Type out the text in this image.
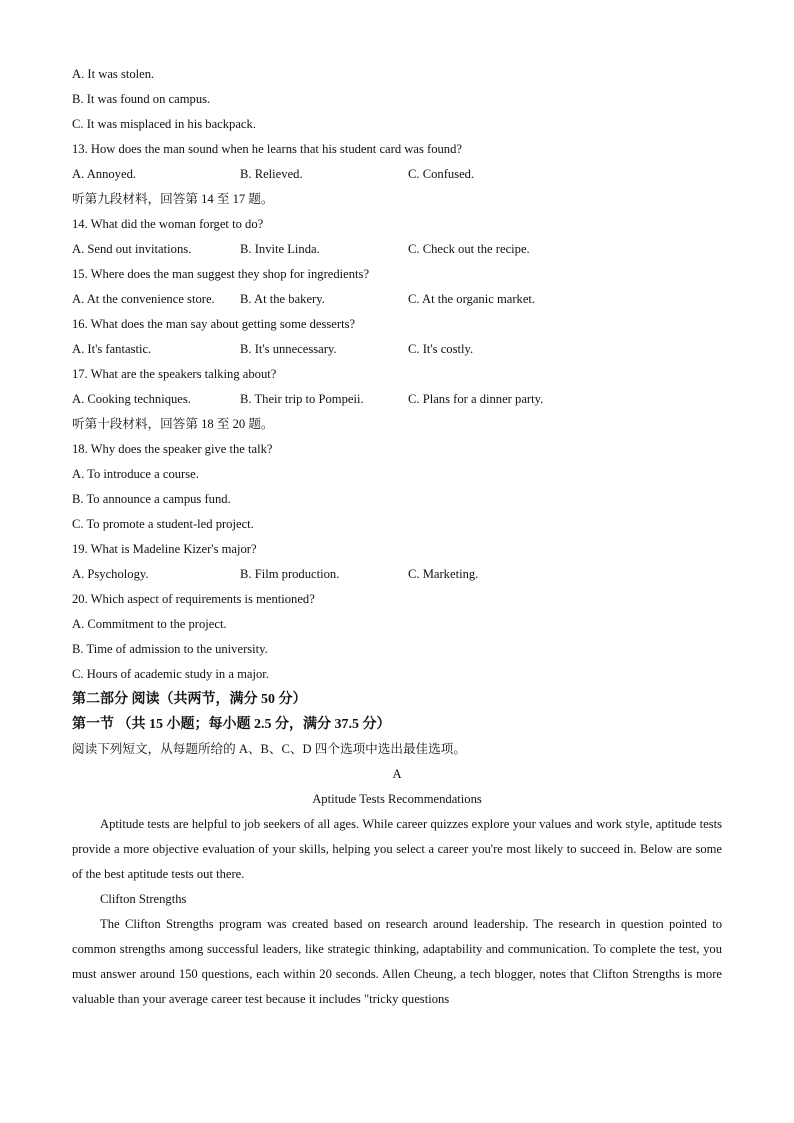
A. It was stolen.
B. It was found on campus.
C. It was misplaced in his backpack.
13. How does the man sound when he learns that his student card was found?
A. Annoyed.	B. Relieved.	C. Confused.
听第九段材料，回答第 14 至 17 题。
14. What did the woman forget to do?
A. Send out invitations.	B. Invite Linda.	C. Check out the recipe.
15. Where does the man suggest they shop for ingredients?
A. At the convenience store.	B. At the bakery.	C. At the organic market.
16. What does the man say about getting some desserts?
A. It's fantastic.	B. It's unnecessary.	C. It's costly.
17. What are the speakers talking about?
A. Cooking techniques.	B. Their trip to Pompeii.	C. Plans for a dinner party.
听第十段材料，回答第 18 至 20 题。
18. Why does the speaker give the talk?
A. To introduce a course.
B. To announce a campus fund.
C. To promote a student-led project.
19. What is Madeline Kizer's major?
A. Psychology.	B. Film production.	C. Marketing.
20. Which aspect of requirements is mentioned?
A. Commitment to the project.
B. Time of admission to the university.
C. Hours of academic study in a major.
第二部分 阅读（共两节，满分 50 分）
第一节 （共 15 小题；每小题 2.5 分，满分 37.5 分）
阅读下列短文，从每题所给的 A、B、C、D 四个选项中选出最佳选项。
A
Aptitude Tests Recommendations
Aptitude tests are helpful to job seekers of all ages. While career quizzes explore your values and work style, aptitude tests provide a more objective evaluation of your skills, helping you select a career you're most likely to succeed in. Below are some of the best aptitude tests out there.
Clifton Strengths
The Clifton Strengths program was created based on research around leadership. The research in question pointed to common strengths among successful leaders, like strategic thinking, adaptability and communication. To complete the test, you must answer around 150 questions, each within 20 seconds. Allen Cheung, a tech blogger, notes that Clifton Strengths is more valuable than your average career test because it includes "tricky questions
